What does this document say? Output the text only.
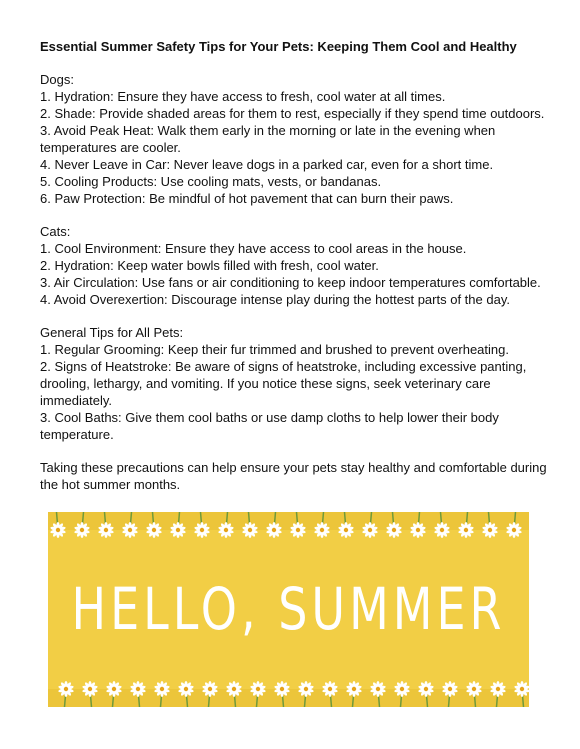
Essential Summer Safety Tips for Your Pets: Keeping Them Cool and Healthy
Dogs:
1. Hydration: Ensure they have access to fresh, cool water at all times.
2. Shade: Provide shaded areas for them to rest, especially if they spend time outdoors.
3. Avoid Peak Heat: Walk them early in the morning or late in the evening when temperatures are cooler.
4. Never Leave in Car: Never leave dogs in a parked car, even for a short time.
5. Cooling Products: Use cooling mats, vests, or bandanas.
6. Paw Protection: Be mindful of hot pavement that can burn their paws.
Cats:
1. Cool Environment: Ensure they have access to cool areas in the house.
2. Hydration: Keep water bowls filled with fresh, cool water.
3. Air Circulation: Use fans or air conditioning to keep indoor temperatures comfortable.
4. Avoid Overexertion: Discourage intense play during the hottest parts of the day.
General Tips for All Pets:
1. Regular Grooming: Keep their fur trimmed and brushed to prevent overheating.
2. Signs of Heatstroke: Be aware of signs of heatstroke, including excessive panting, drooling, lethargy, and vomiting. If you notice these signs, seek veterinary care immediately.
3. Cool Baths: Give them cool baths or use damp cloths to help lower their body temperature.

Taking these precautions can help ensure your pets stay healthy and comfortable during the hot summer months.

HELLO, SUMMER
